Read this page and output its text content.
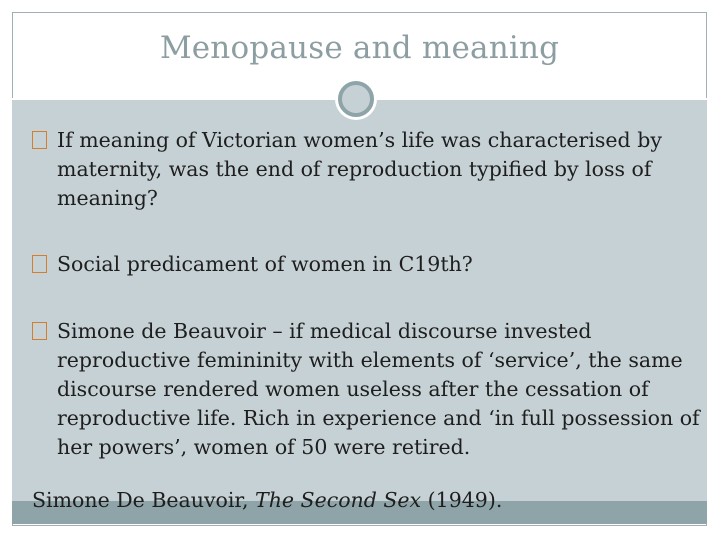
Menopause and meaning
If meaning of Victorian women’s life was characterised by maternity, was the end of reproduction typified by loss of meaning?
Social predicament of women in C19th?
Simone de Beauvoir – if medical discourse invested reproductive femininity with elements of ‘service’, the same discourse rendered women useless after the cessation of reproductive life. Rich in experience and ‘in full possession of her powers’, women of 50 were retired.
Simone De Beauvoir, The Second Sex (1949).
